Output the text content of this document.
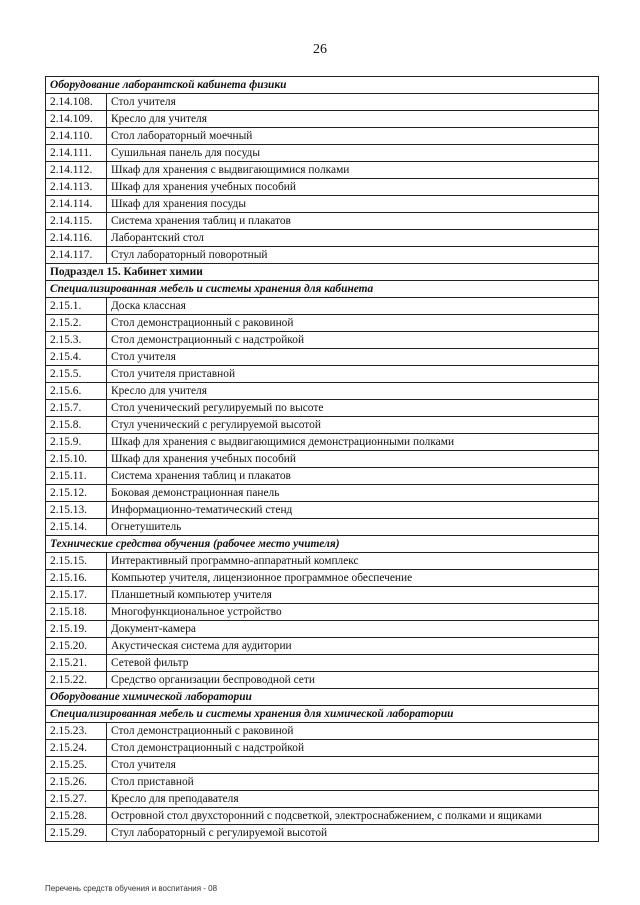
26
Оборудование лаборантской кабинета физики	
2.14.108.	Стол учителя
2.14.109.	Кресло для учителя
2.14.110.	Стол лабораторный моечный
2.14.111.	Сушильная панель для посуды
2.14.112.	Шкаф для хранения с выдвигающимися полками
2.14.113.	Шкаф для хранения учебных пособий
2.14.114.	Шкаф для хранения посуды
2.14.115.	Система хранения таблиц и плакатов
2.14.116.	Лаборантский стол
2.14.117.	Стул лабораторный поворотный
Подраздел 15. Кабинет химии	
Специализированная мебель и системы хранения для кабинета	
2.15.1.	Доска классная
2.15.2.	Стол демонстрационный с раковиной
2.15.3.	Стол демонстрационный с надстройкой
2.15.4.	Стол учителя
2.15.5.	Стол учителя приставной
2.15.6.	Кресло для учителя
2.15.7.	Стол ученический регулируемый по высоте
2.15.8.	Стул ученический с регулируемой высотой
2.15.9.	Шкаф для хранения с выдвигающимися демонстрационными полками
2.15.10.	Шкаф для хранения учебных пособий
2.15.11.	Система хранения таблиц и плакатов
2.15.12.	Боковая демонстрационная панель
2.15.13.	Информационно-тематический стенд
2.15.14.	Огнетушитель
Технические средства обучения (рабочее место учителя)	
2.15.15.	Интерактивный программно-аппаратный комплекс
2.15.16.	Компьютер учителя, лицензионное программное обеспечение
2.15.17.	Планшетный компьютер учителя
2.15.18.	Многофункциональное устройство
2.15.19.	Документ-камера
2.15.20.	Акустическая система для аудитории
2.15.21.	Сетевой фильтр
2.15.22.	Средство организации беспроводной сети
Оборудование химической лаборатории	
Специализированная мебель и системы хранения для химической лаборатории	
2.15.23.	Стол демонстрационный с раковиной
2.15.24.	Стол демонстрационный с надстройкой
2.15.25.	Стол учителя
2.15.26.	Стол приставной
2.15.27.	Кресло для преподавателя
2.15.28.	Островной стол двухсторонний с подсветкой, электроснабжением, с полками и ящиками
2.15.29.	Стул лабораторный с регулируемой высотой
Перечень средств обучения и воспитания - 08
